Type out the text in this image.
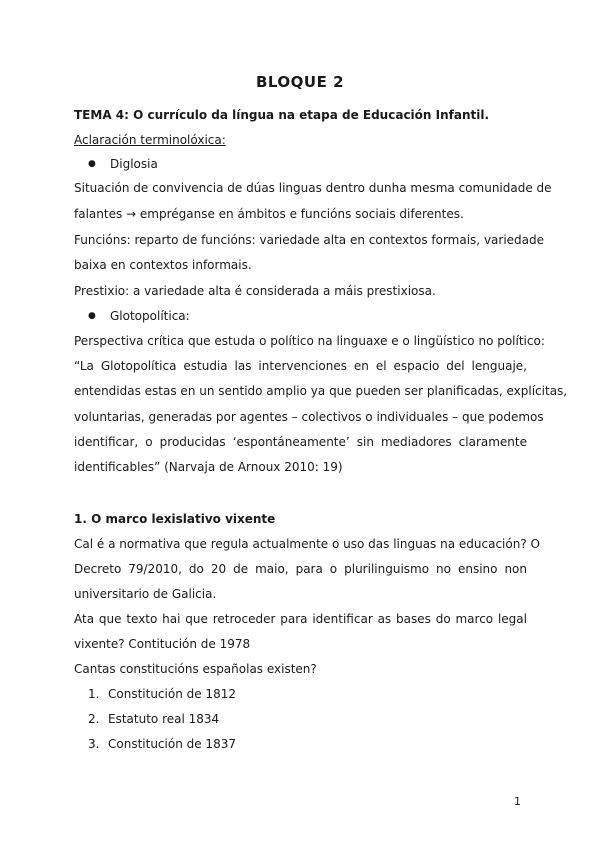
BLOQUE 2
TEMA 4: O currículo da língua na etapa de Educación Infantil.
Aclaración terminolóxica:
● Diglosia
Situación de convivencia de dúas linguas dentro dunha mesma comunidade de
falantes → empréganse en ámbitos e funcións sociais diferentes.
Funcións: reparto de funcións: variedade alta en contextos formais, variedade
baixa en contextos informais.
Prestixio: a variedade alta é considerada a máis prestixiosa.
● Glotopolítica:
Perspectiva crítica que estuda o político na linguaxe e o lingüístico no político:
“La Glotopolítica estudia las intervenciones en el espacio del lenguaje,
entendidas estas en un sentido amplio ya que pueden ser planificadas, explícitas,
voluntarias, generadas por agentes – colectivos o individuales – que podemos
identificar, o producidas ‘espontáneamente’ sin mediadores claramente
identificables” (Narvaja de Arnoux 2010: 19)
1. O marco lexislativo vixente
Cal é a normativa que regula actualmente o uso das linguas na educación? O
Decreto 79/2010, do 20 de maio, para o plurilinguismo no ensino non
universitario de Galicia.
Ata que texto hai que retroceder para identificar as bases do marco legal
vixente? Contitución de 1978
Cantas constitucións españolas existen?
1. Constitución de 1812
2. Estatuto real 1834
3. Constitución de 1837
1
